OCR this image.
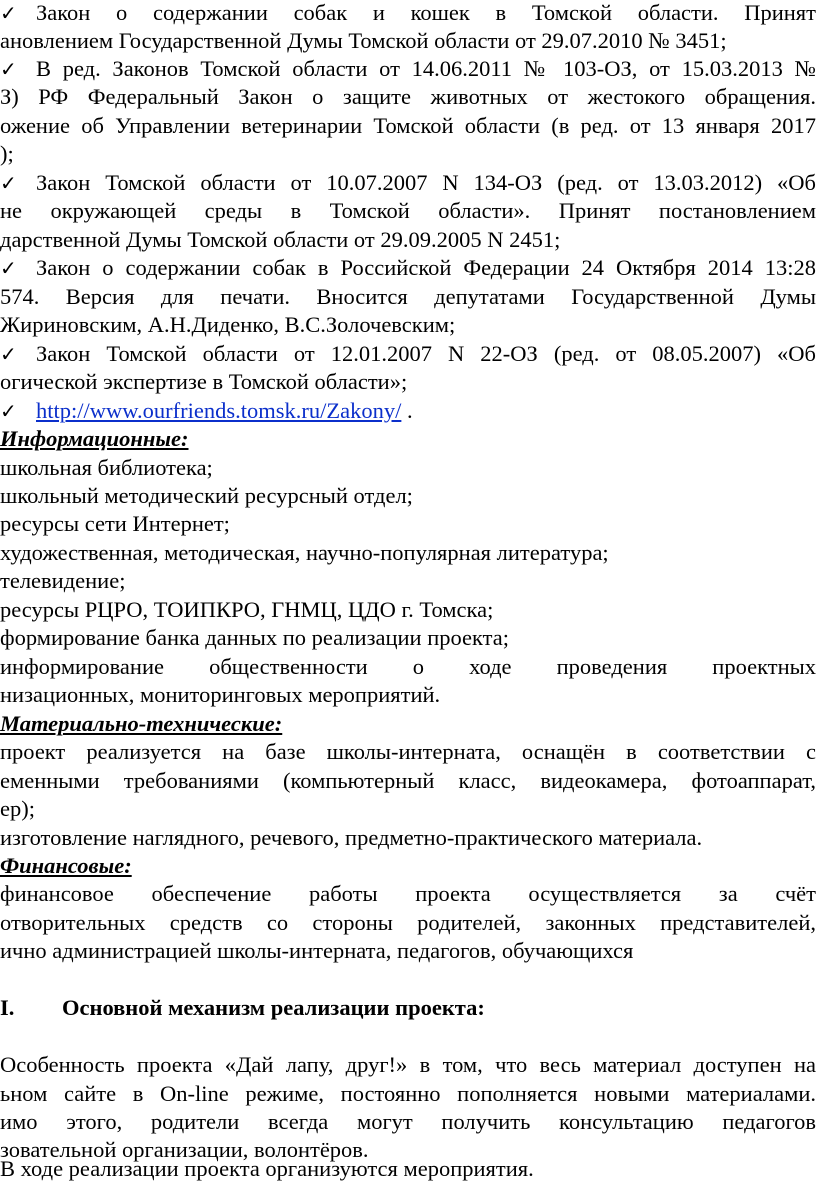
✓ Закон о содержании собак и кошек в Томской области. Принят
ановлением Государственной Думы Томской области от 29.07.2010 № 3451;
✓ В ред. Законов Томской области от 14.06.2011 № 103-ОЗ, от 15.03.2013 №
З) РФ Федеральный Закон о защите животных от жестокого обращения.
ожение об Управлении ветеринарии Томской области (в ред. от 13 января 2017
);
✓ Закон Томской области от 10.07.2007 N 134-ОЗ (ред. от 13.03.2012) «Об
не окружающей среды в Томской области». Принят постановлением
дарственной Думы Томской области от 29.09.2005 N 2451;
✓ Закон о содержании собак в Российской Федерации 24 Октября 2014 13:28
574. Версия для печати. Вносится депутатами Государственной Думы
Жириновским, А.Н.Диденко, В.С.Золочевским;
✓ Закон Томской области от 12.01.2007 N 22-ОЗ (ред. от 08.05.2007) «Об
огической экспертизе в Томской области»;
✓ http://www.ourfriends.tomsk.ru/Zakony/ .
Информационные:
школьная библиотека;
школьный методический ресурсный отдел;
ресурсы сети Интернет;
художественная, методическая, научно-популярная литература;
телевидение;
ресурсы РЦРО, ТОИПКРО, ГНМЦ, ЦДО г. Томска;
формирование банка данных по реализации проекта;
информирование общественности о ходе проведения проектных
низационных, мониторинговых мероприятий.
Материально-технические:
проект реализуется на базе школы-интерната, оснащён в соответствии с
еменными требованиями (компьютерный класс, видеокамера, фотоаппарат,
ер);
изготовление наглядного, речевого, предметно-практического материала.
Финансовые:
финансовое обеспечение работы проекта осуществляется за счёт
отворительных средств со стороны родителей, законных представителей,
ично администрацией школы-интерната, педагогов, обучающихся
I. Основной механизм реализации проекта:
Особенность проекта «Дай лапу, друг!» в том, что весь материал доступен на
ьном сайте в On-line режиме, постоянно пополняется новыми материалами.
имо этого, родители всегда могут получить консультацию педагогов
зовательной организации, волонтёров.
В ходе реализации проекта организуются мероприятия.
